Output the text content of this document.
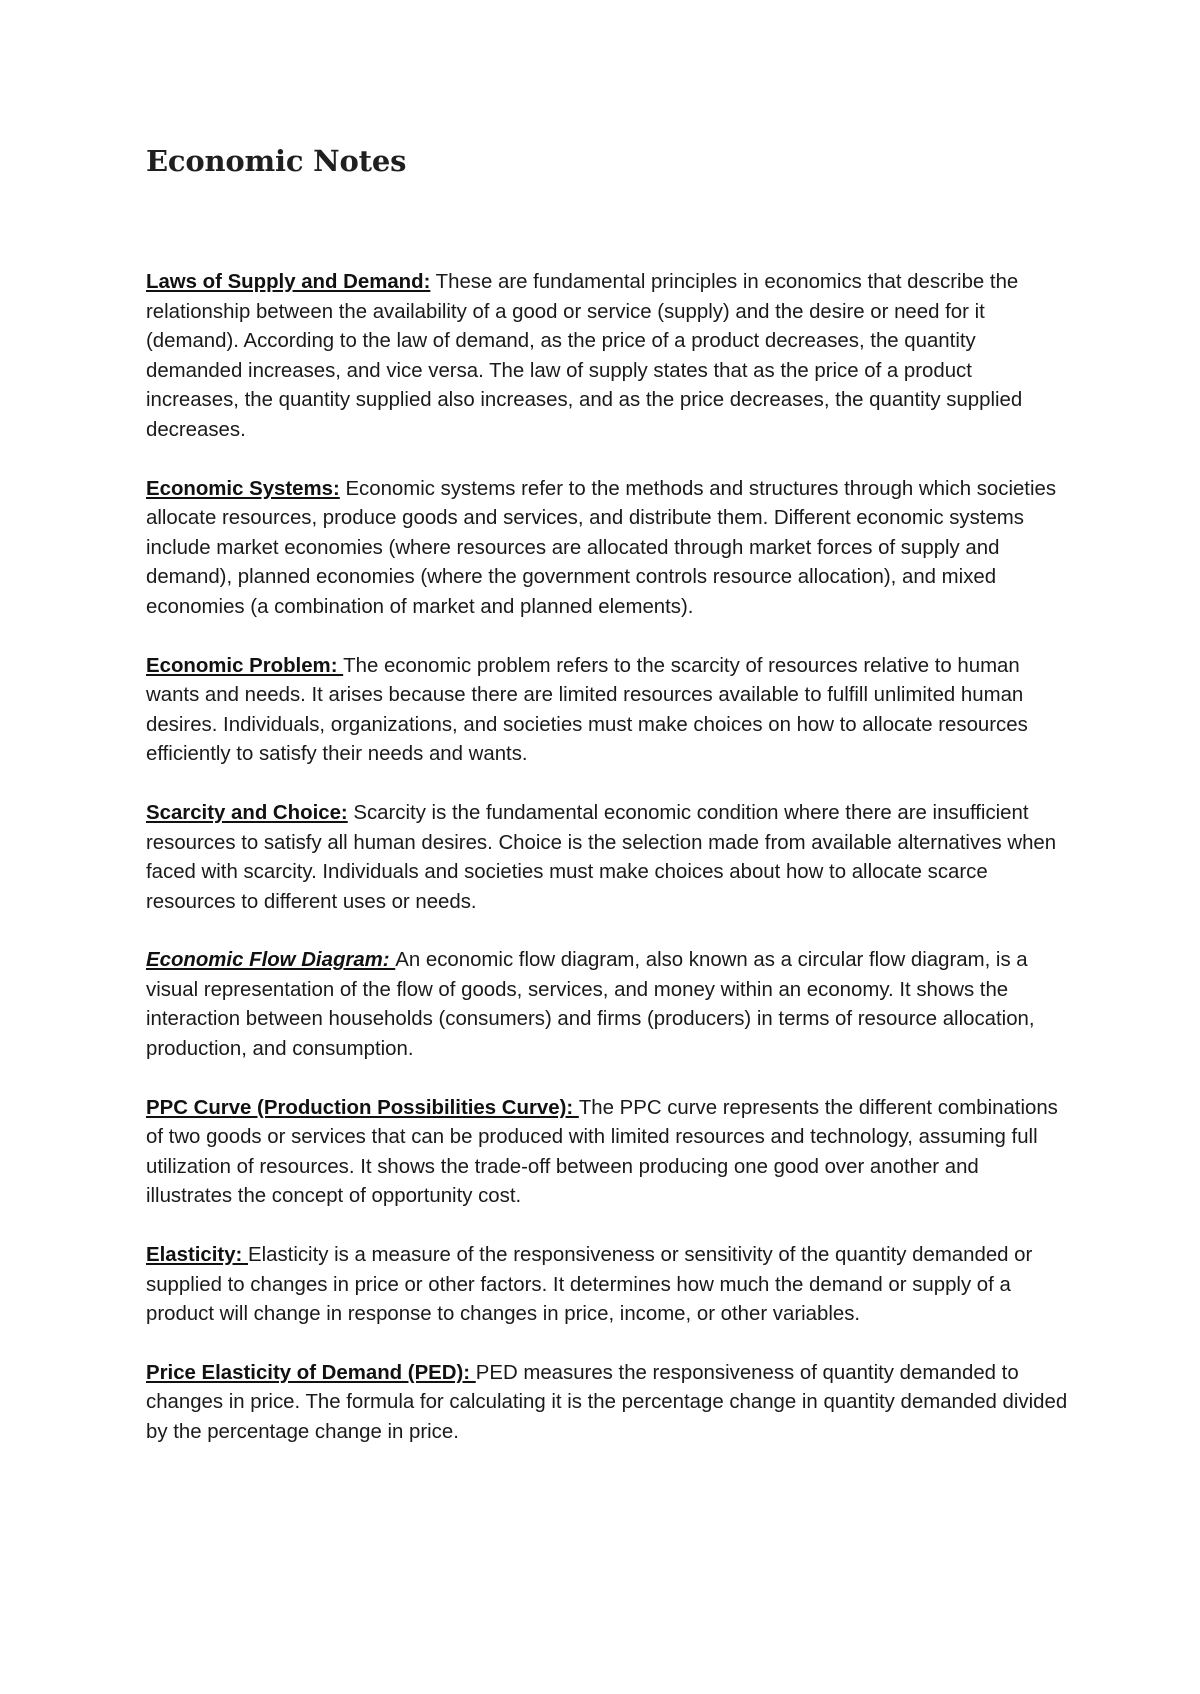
Economic Notes

Laws of Supply and Demand: These are fundamental principles in economics that describe the relationship between the availability of a good or service (supply) and the desire or need for it (demand). According to the law of demand, as the price of a product decreases, the quantity demanded increases, and vice versa. The law of supply states that as the price of a product increases, the quantity supplied also increases, and as the price decreases, the quantity supplied decreases.

Economic Systems: Economic systems refer to the methods and structures through which societies allocate resources, produce goods and services, and distribute them. Different economic systems include market economies (where resources are allocated through market forces of supply and demand), planned economies (where the government controls resource allocation), and mixed economies (a combination of market and planned elements).

Economic Problem: The economic problem refers to the scarcity of resources relative to human wants and needs. It arises because there are limited resources available to fulfill unlimited human desires. Individuals, organizations, and societies must make choices on how to allocate resources efficiently to satisfy their needs and wants.

Scarcity and Choice: Scarcity is the fundamental economic condition where there are insufficient resources to satisfy all human desires. Choice is the selection made from available alternatives when faced with scarcity. Individuals and societies must make choices about how to allocate scarce resources to different uses or needs.

Economic Flow Diagram: An economic flow diagram, also known as a circular flow diagram, is a visual representation of the flow of goods, services, and money within an economy. It shows the interaction between households (consumers) and firms (producers) in terms of resource allocation, production, and consumption.

PPC Curve (Production Possibilities Curve): The PPC curve represents the different combinations of two goods or services that can be produced with limited resources and technology, assuming full utilization of resources. It shows the trade-off between producing one good over another and illustrates the concept of opportunity cost.

Elasticity: Elasticity is a measure of the responsiveness or sensitivity of the quantity demanded or supplied to changes in price or other factors. It determines how much the demand or supply of a product will change in response to changes in price, income, or other variables.

Price Elasticity of Demand (PED): PED measures the responsiveness of quantity demanded to changes in price. The formula for calculating it is the percentage change in quantity demanded divided by the percentage change in price.
